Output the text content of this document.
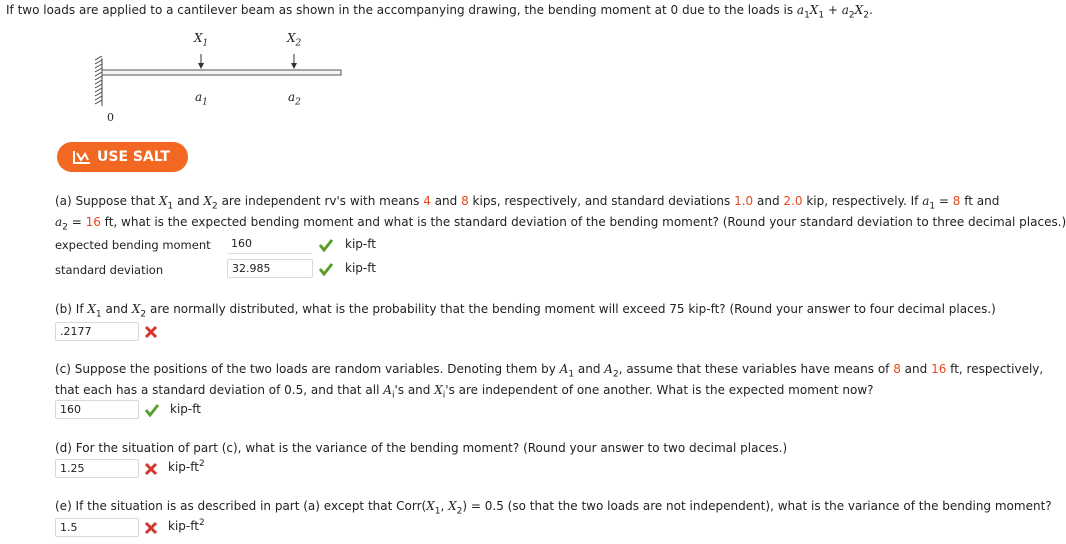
If two loads are applied to a cantilever beam as shown in the accompanying drawing, the bending moment at 0 due to the loads is $a_1X_1 + a_2X_2$.
$X_1$	$X_2$
$a_1$	$a_2$
0
USE SALT
(a) Suppose that $X_1$ and $X_2$ are independent rv's with means 4 and 8 kips, respectively, and standard deviations 1.0 and 2.0 kip, respectively. If $a_1 = 8$ ft and
$a_2 = 16$ ft, what is the expected bending moment and what is the standard deviation of the bending moment? (Round your standard deviation to three decimal places.)
expected bending moment	160	kip-ft
standard deviation	32.985	kip-ft
(b) If $X_1$ and $X_2$ are normally distributed, what is the probability that the bending moment will exceed 75 kip-ft? (Round your answer to four decimal places.)
.2177
(c) Suppose the positions of the two loads are random variables. Denoting them by $A_1$ and $A_2$, assume that these variables have means of 8 and 16 ft, respectively,
that each has a standard deviation of 0.5, and that all $A_i's$ and $X_i's$ are independent of one another. What is the expected moment now?
160	kip-ft
(d) For the situation of part (c), what is the variance of the bending moment? (Round your answer to two decimal places.)
1.25	kip-$ft^2$
(e) If the situation is as described in part (a) except that $Corr(X_1$, $X_2) = 0.5$ (so that the two loads are not independent), what is the variance of the bending moment?
1.5	kip-$ft^2$
